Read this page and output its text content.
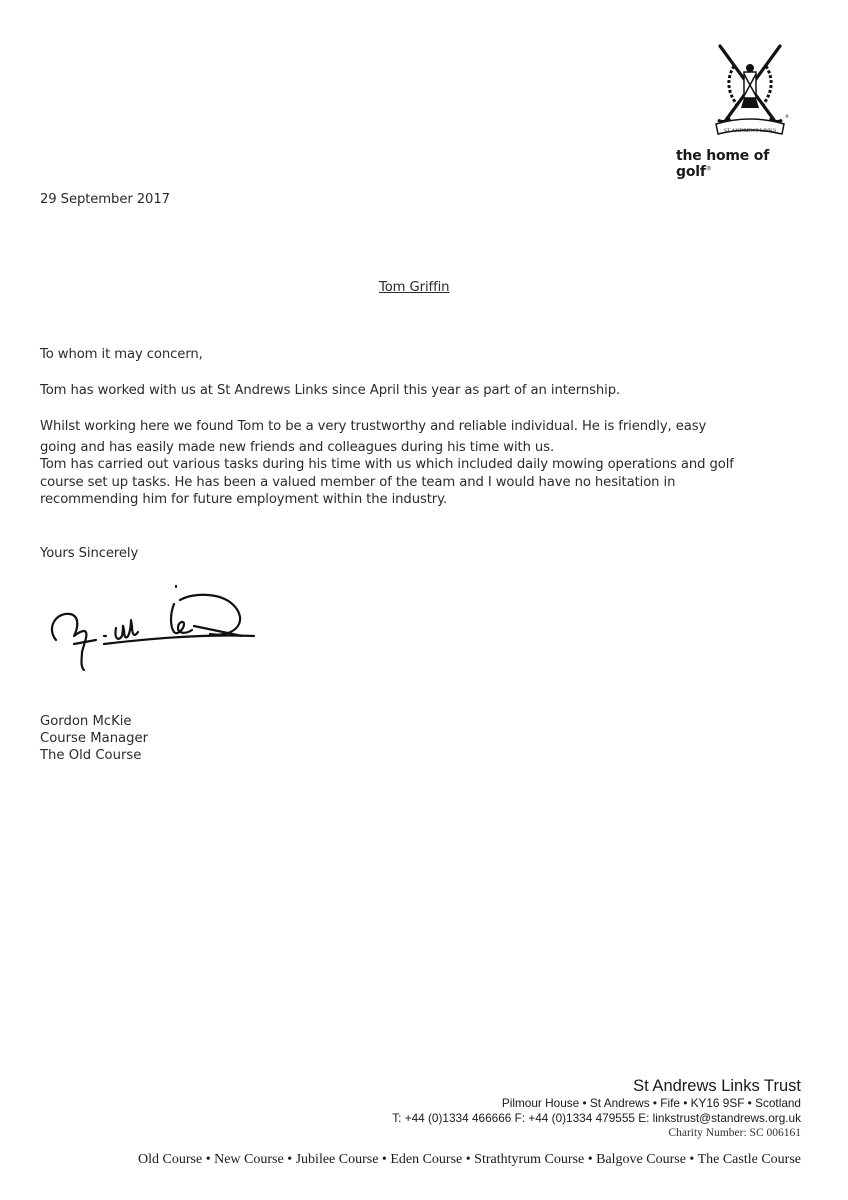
ST ANDREWS LINKS
®
the home of golf®
29 September 2017
Tom Griffin
To whom it may concern,
Tom has worked with us at St Andrews Links since April this year as part of an internship.
Whilst working here we found Tom to be a very trustworthy and reliable individual. He is friendly, easy
going and has easily made new friends and colleagues during his time with us.
Tom has carried out various tasks during his time with us which included daily mowing operations and golf
course set up tasks. He has been a valued member of the team and I would have no hesitation in
recommending him for future employment within the industry.
Yours Sincerely
Gordon McKie
Course Manager
The Old Course
St Andrews Links Trust
Pilmour House • St Andrews • Fife • KY16 9SF • Scotland
T: +44 (0)1334 466666 F: +44 (0)1334 479555 E: linkstrust@standrews.org.uk
Charity Number: SC 006161
Old Course • New Course • Jubilee Course • Eden Course • Strathtyrum Course • Balgove Course • The Castle Course
